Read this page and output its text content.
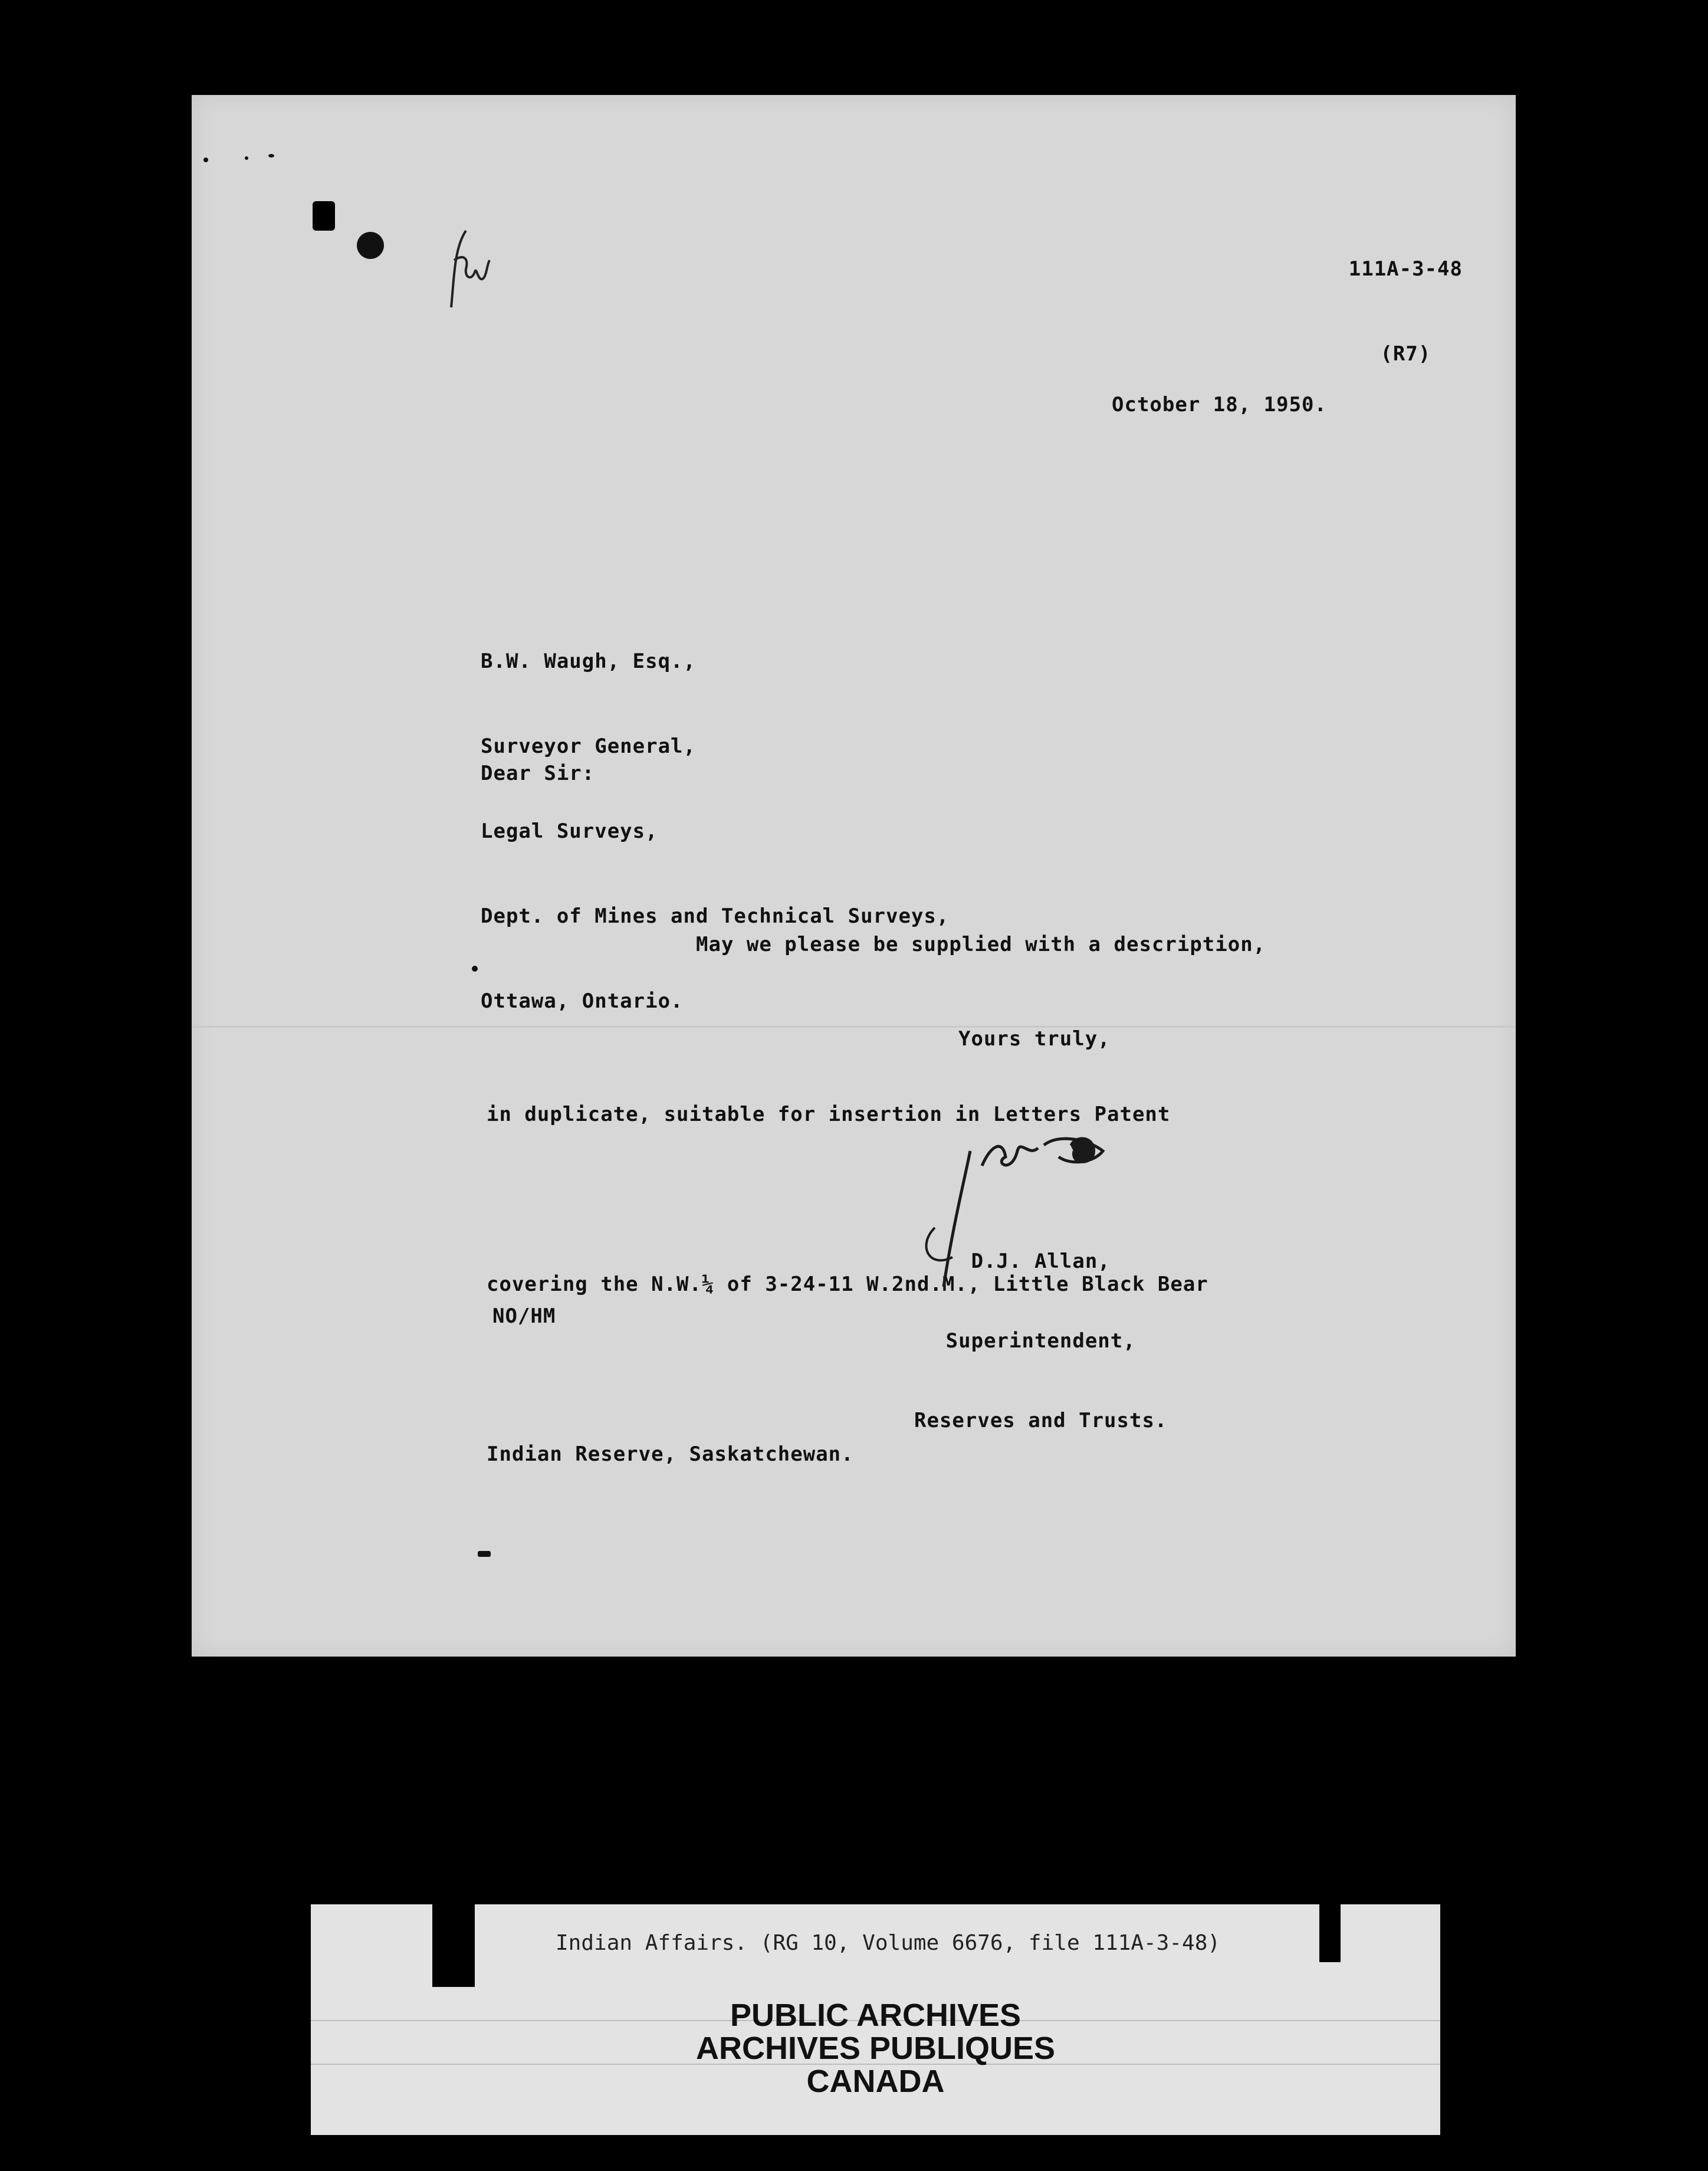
111A-3-48

(R7)

October 18, 1950.

B.W. Waugh, Esq.,

Surveyor General,

Legal Surveys,

Dept. of Mines and Technical Surveys,

Ottawa, Ontario.

Dear Sir:

May we please be supplied with a description,

in duplicate, suitable for insertion in Letters Patent

covering the N.W.¼ of 3-24-11 W.2nd.M., Little Black Bear

Indian Reserve, Saskatchewan.

Yours truly,

D.J. Allan,

Superintendent,

Reserves and Trusts.

NO/HM
Indian Affairs. (RG 10, Volume 6676, file 111A-3-48)
PUBLIC ARCHIVES
ARCHIVES PUBLIQUES
CANADA
